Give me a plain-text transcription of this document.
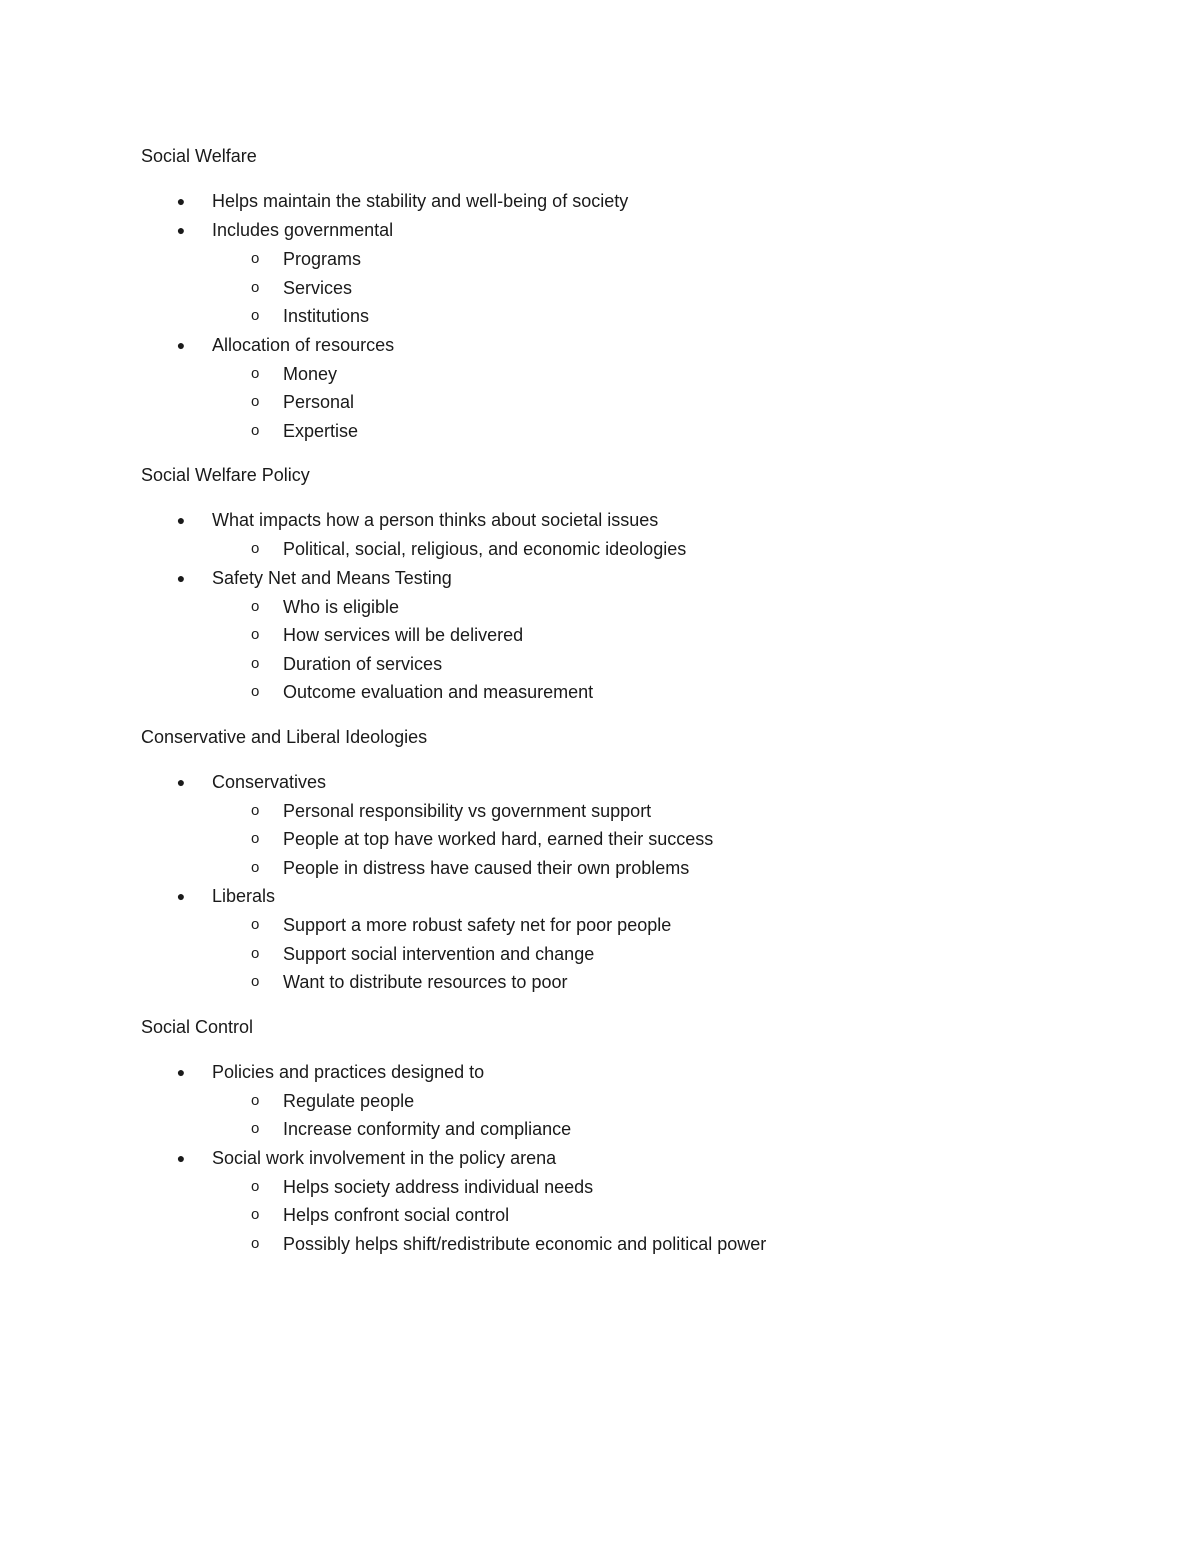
Social Welfare
● Helps maintain the stability and well-being of society
● Includes governmental
o Programs
o Services
o Institutions
● Allocation of resources
o Money
o Personal
o Expertise
Social Welfare Policy
● What impacts how a person thinks about societal issues
o Political, social, religious, and economic ideologies
● Safety Net and Means Testing
o Who is eligible
o How services will be delivered
o Duration of services
o Outcome evaluation and measurement
Conservative and Liberal Ideologies
● Conservatives
o Personal responsibility vs government support
o People at top have worked hard, earned their success
o People in distress have caused their own problems
● Liberals
o Support a more robust safety net for poor people
o Support social intervention and change
o Want to distribute resources to poor
Social Control
● Policies and practices designed to
o Regulate people
o Increase conformity and compliance
● Social work involvement in the policy arena
o Helps society address individual needs
o Helps confront social control
o Possibly helps shift/redistribute economic and political power
